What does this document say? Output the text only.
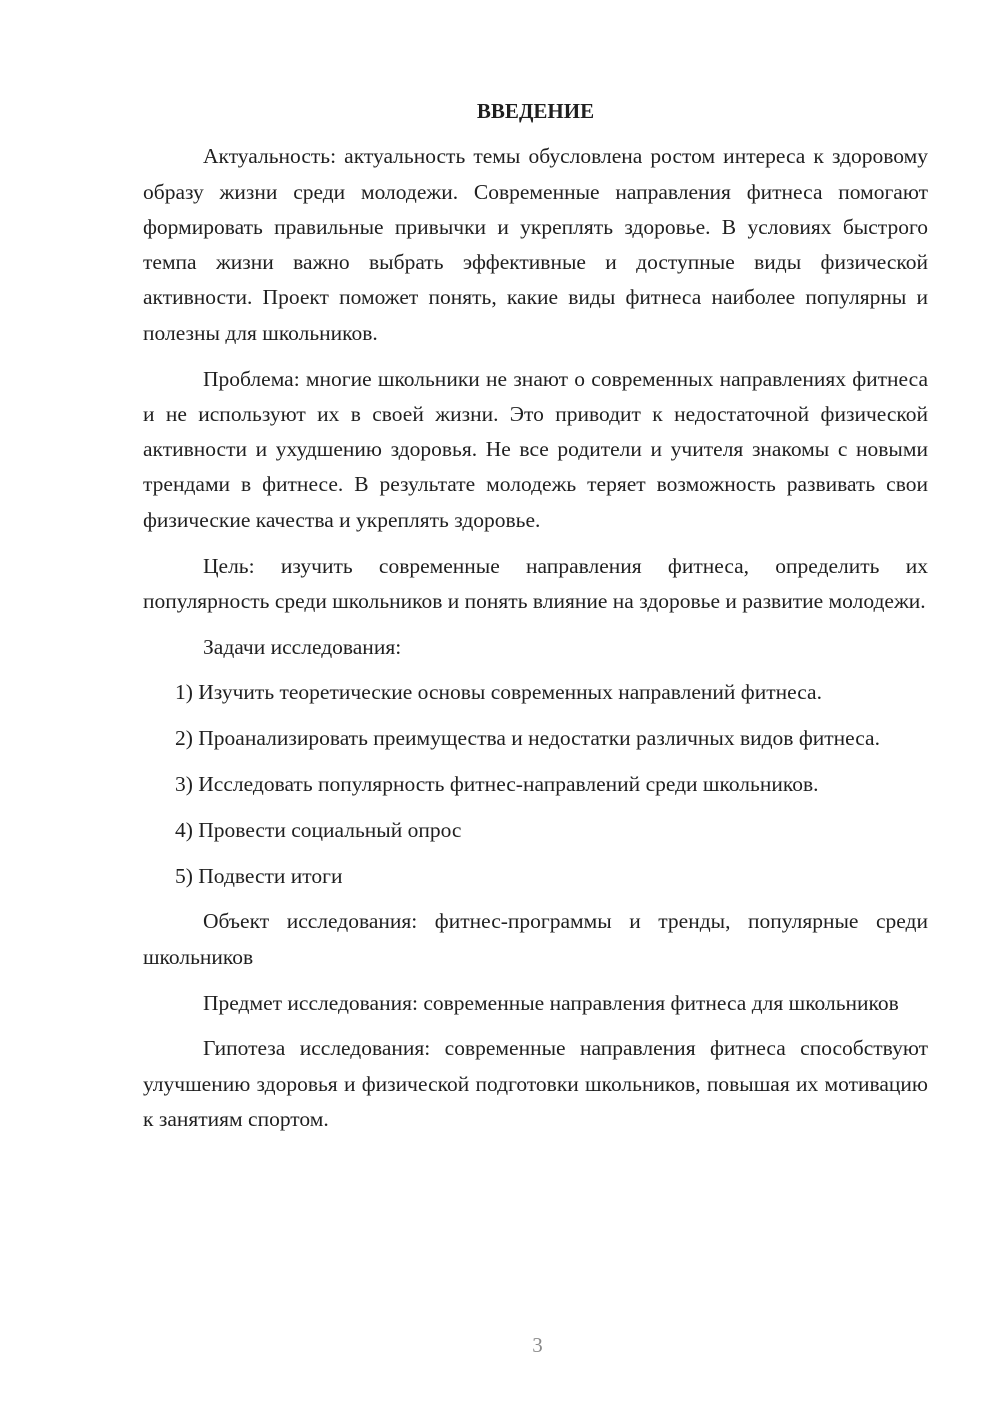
ВВЕДЕНИЕ

Актуальность: актуальность темы обусловлена ростом интереса к здоровому образу жизни среди молодежи. Современные направления фитнеса помогают формировать правильные привычки и укреплять здоровье. В условиях быстрого темпа жизни важно выбрать эффективные и доступные виды физической активности. Проект поможет понять, какие виды фитнеса наиболее популярны и полезны для школьников.

Проблема: многие школьники не знают о современных направлениях фитнеса и не используют их в своей жизни. Это приводит к недостаточной физической активности и ухудшению здоровья. Не все родители и учителя знакомы с новыми трендами в фитнесе. В результате молодежь теряет возможность развивать свои физические качества и укреплять здоровье.

Цель: изучить современные направления фитнеса, определить их популярность среди школьников и понять влияние на здоровье и развитие молодежи.

Задачи исследования:

1) Изучить теоретические основы современных направлений фитнеса.

2) Проанализировать преимущества и недостатки различных видов фитнеса.

3) Исследовать популярность фитнес-направлений среди школьников.

4) Провести социальный опрос

5) Подвести итоги

Объект исследования: фитнес-программы и тренды, популярные среди школьников

Предмет исследования: современные направления фитнеса для школьников

Гипотеза исследования: современные направления фитнеса способствуют улучшению здоровья и физической подготовки школьников, повышая их мотивацию к занятиям спортом.

3
